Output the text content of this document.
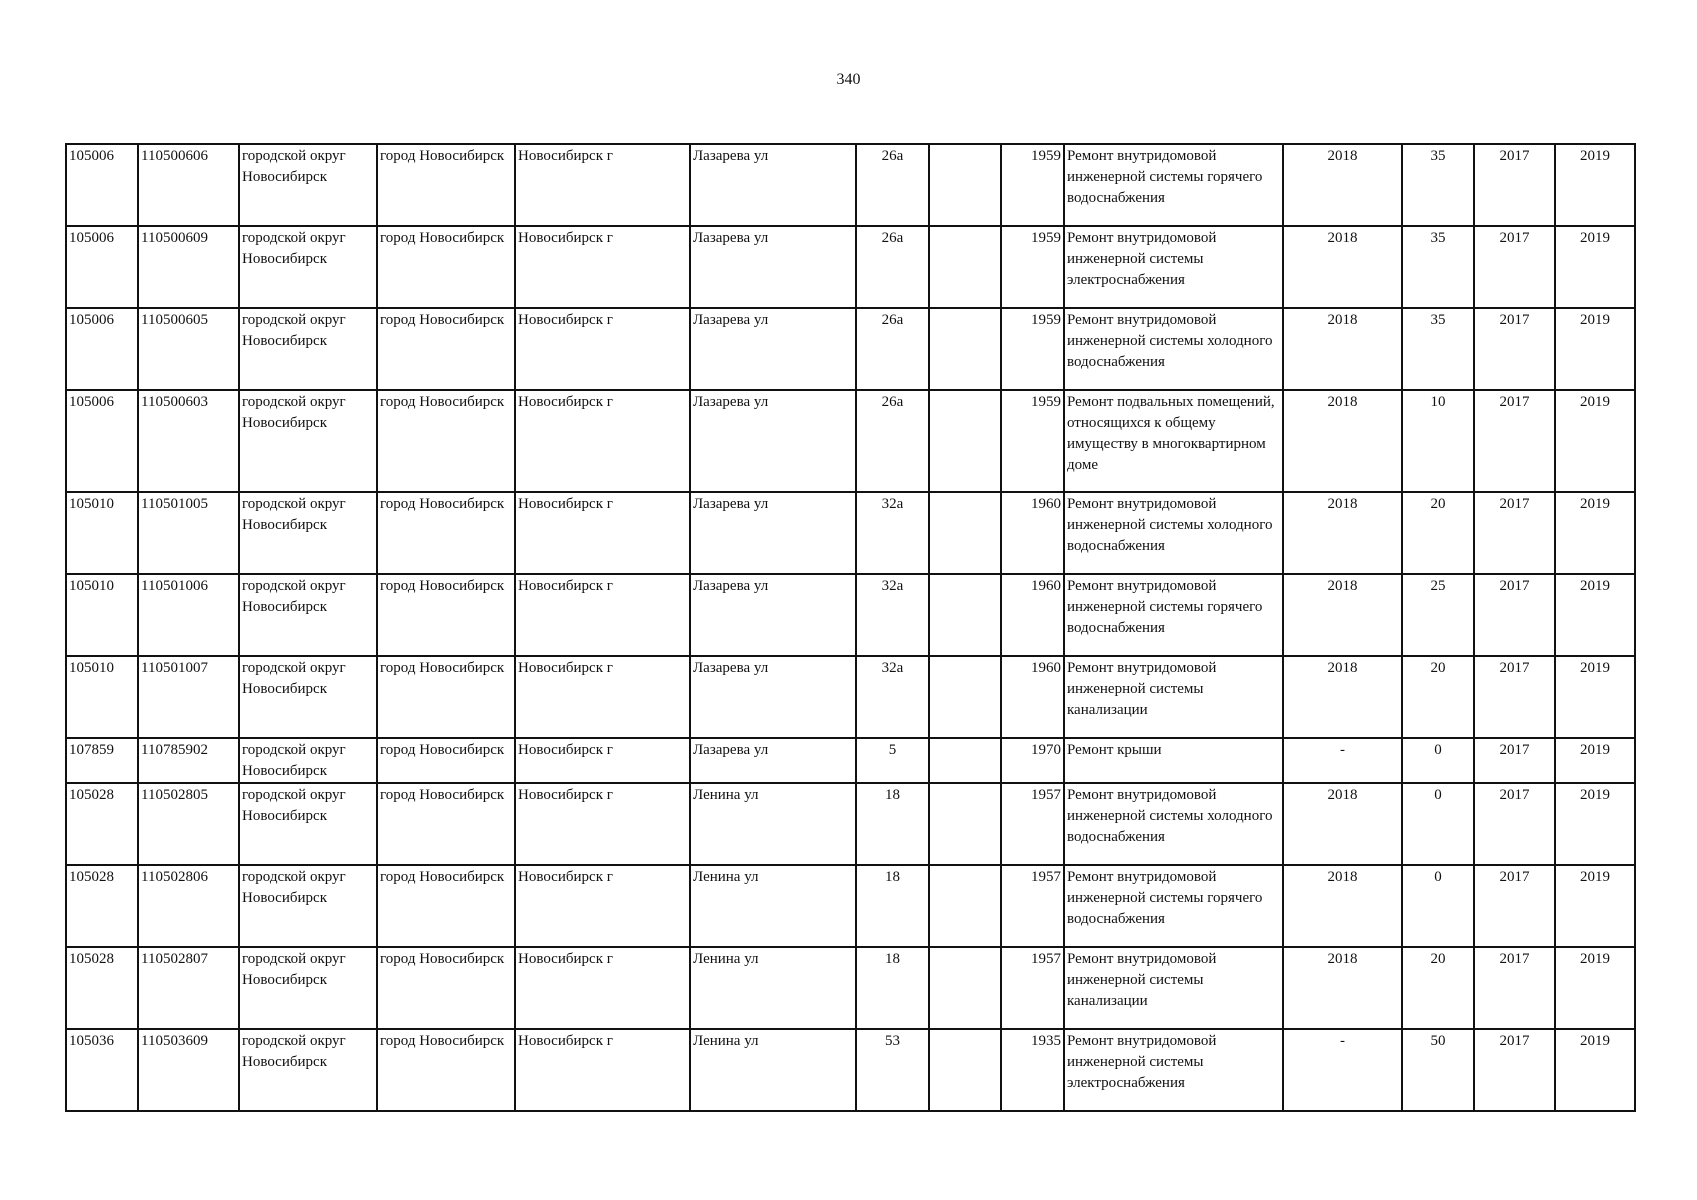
340
105006	110500606	городской округ Новосибирск	город Новосибирск	Новосибирск г	Лазарева ул	26а		1959	Ремонт внутридомовой инженерной системы горячего водоснабжения	2018	35	2017	2019
105006	110500609	городской округ Новосибирск	город Новосибирск	Новосибирск г	Лазарева ул	26а		1959	Ремонт внутридомовой инженерной системы электроснабжения	2018	35	2017	2019
105006	110500605	городской округ Новосибирск	город Новосибирск	Новосибирск г	Лазарева ул	26а		1959	Ремонт внутридомовой инженерной системы холодного водоснабжения	2018	35	2017	2019
105006	110500603	городской округ Новосибирск	город Новосибирск	Новосибирск г	Лазарева ул	26а		1959	Ремонт подвальных помещений, относящихся к общему имуществу в многоквартирном доме	2018	10	2017	2019
105010	110501005	городской округ Новосибирск	город Новосибирск	Новосибирск г	Лазарева ул	32а		1960	Ремонт внутридомовой инженерной системы холодного водоснабжения	2018	20	2017	2019
105010	110501006	городской округ Новосибирск	город Новосибирск	Новосибирск г	Лазарева ул	32а		1960	Ремонт внутридомовой инженерной системы горячего водоснабжения	2018	25	2017	2019
105010	110501007	городской округ Новосибирск	город Новосибирск	Новосибирск г	Лазарева ул	32а		1960	Ремонт внутридомовой инженерной системы канализации	2018	20	2017	2019
107859	110785902	городской округ Новосибирск	город Новосибирск	Новосибирск г	Лазарева ул	5		1970	Ремонт крыши	-	0	2017	2019
105028	110502805	городской округ Новосибирск	город Новосибирск	Новосибирск г	Ленина ул	18		1957	Ремонт внутридомовой инженерной системы холодного водоснабжения	2018	0	2017	2019
105028	110502806	городской округ Новосибирск	город Новосибирск	Новосибирск г	Ленина ул	18		1957	Ремонт внутридомовой инженерной системы горячего водоснабжения	2018	0	2017	2019
105028	110502807	городской округ Новосибирск	город Новосибирск	Новосибирск г	Ленина ул	18		1957	Ремонт внутридомовой инженерной системы канализации	2018	20	2017	2019
105036	110503609	городской округ Новосибирск	город Новосибирск	Новосибирск г	Ленина ул	53		1935	Ремонт внутридомовой инженерной системы электроснабжения	-	50	2017	2019
